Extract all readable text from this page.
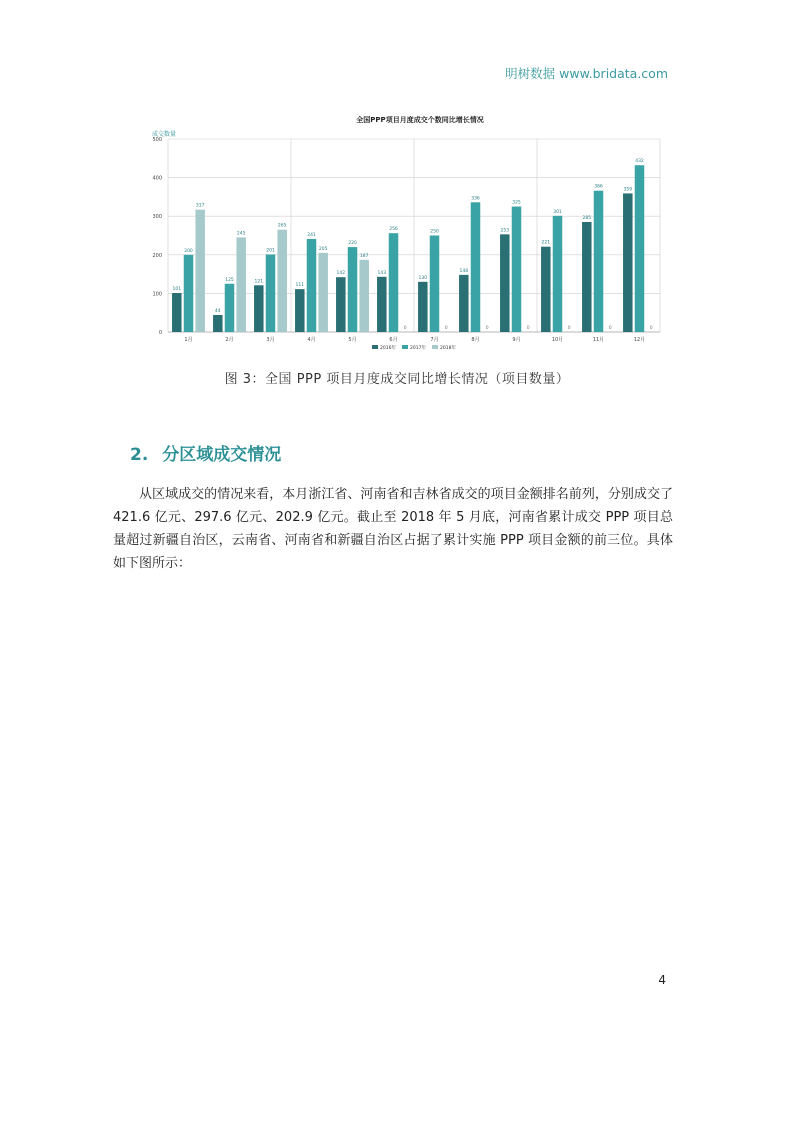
明树数据 www.bridata.com
全国PPP项目月度成交个数同比增长情况
成交数量
101
200
317
44
125
245
121
201
265
111
241
205
142
220
187
143
256
0
130
250
0
148
336
0
253
325
0
221
301
0
285
366
0
359
432
0
1月	2月	3月	4月	5月	6月	7月	8月	9月	10月	11月	12月
0
100
200
300
400
500
2016年	2017年	2018年
图 3：全国 PPP 项目月度成交同比增长情况（项目数量）
2. 分区域成交情况
从区域成交的情况来看，本月浙江省、河南省和吉林省成交的项目金额排名前列，分别成交了 421.6 亿元、297.6 亿元、202.9 亿元。截止至 2018 年 5 月底，河南省累计成交 PPP 项目总量超过新疆自治区，云南省、河南省和新疆自治区占据了累计实施 PPP 项目金额的前三位。具体如下图所示：
4
